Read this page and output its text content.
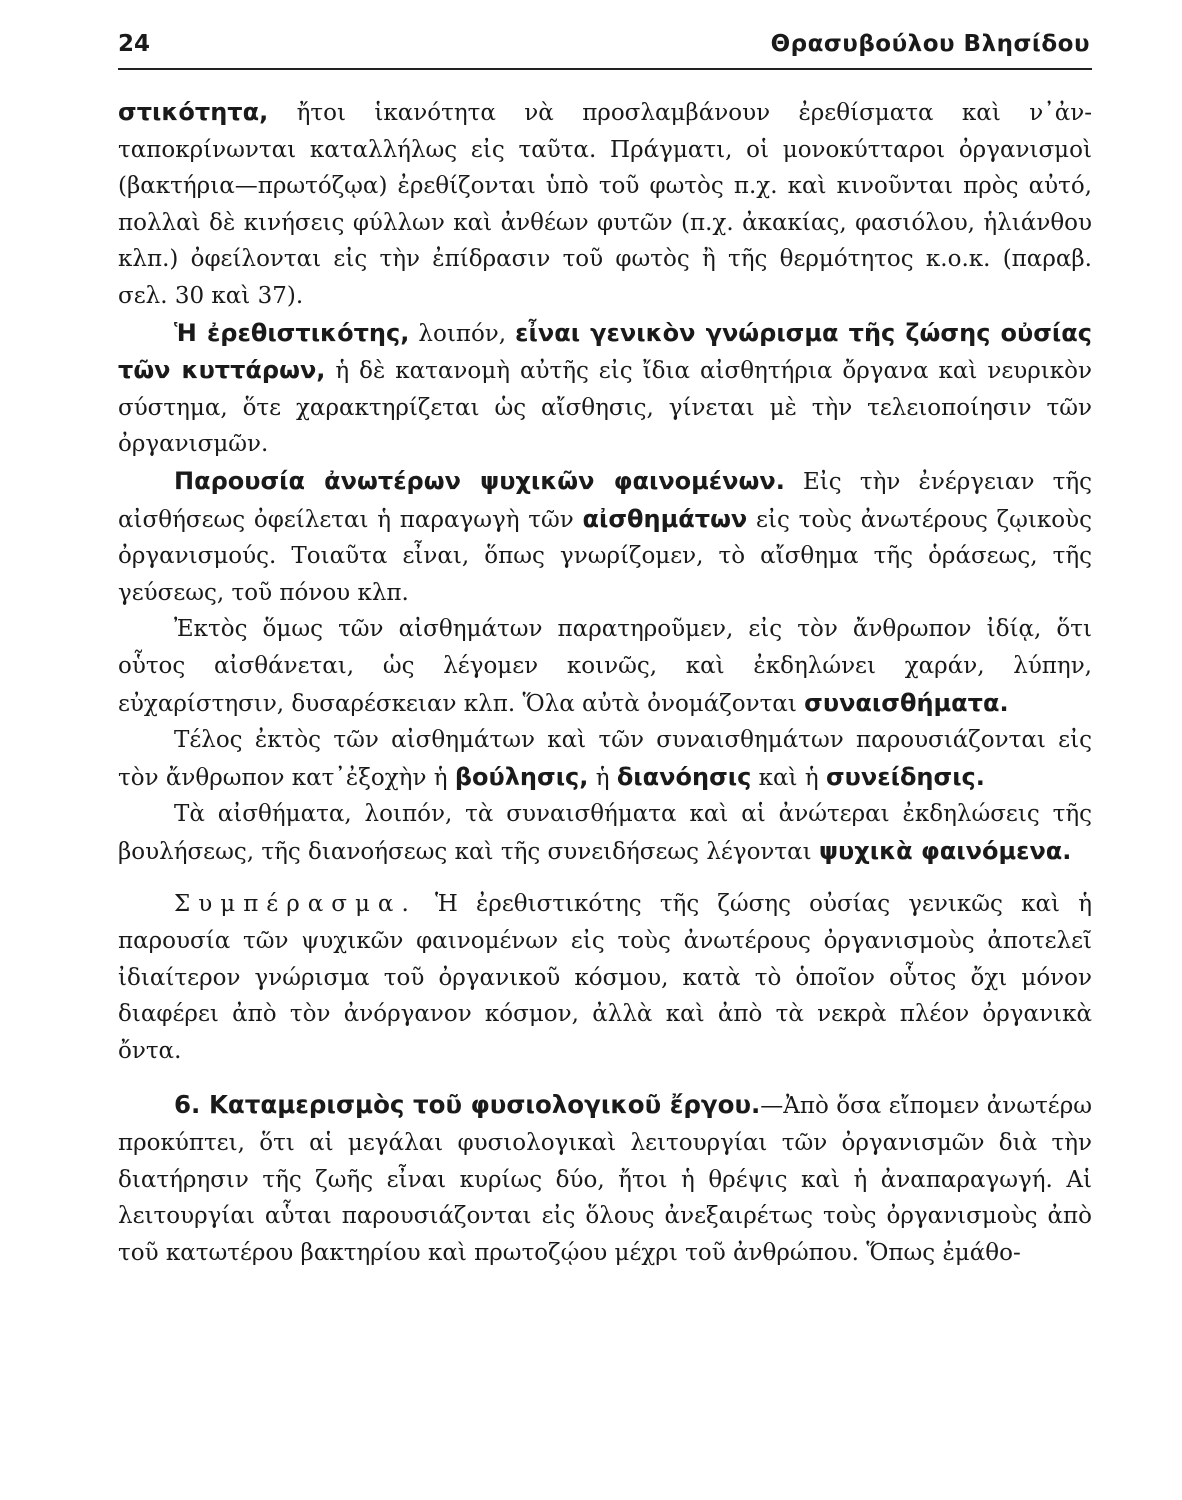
24	Θρασυβούλου Βλησίδου

στικότητα, ἤτοι ἱκανότητα νὰ προσλαμβάνουν ἐρεθίσματα καὶ ν᾽ἀνταποκρίνωνται καταλλήλως εἰς ταῦτα. Πράγματι, οἱ μονοκύτταροι ὀργανισμοὶ (βακτήρια—πρωτόζῳα) ἐρεθίζονται ὑπὸ τοῦ φωτὸς π.χ. καὶ κινοῦνται πρὸς αὐτό, πολλαὶ δὲ κινήσεις φύλλων καὶ ἀνθέων φυτῶν (π.χ. ἀκακίας, φασιόλου, ἡλιάνθου κλπ.) ὀφείλονται εἰς τὴν ἐπίδρασιν τοῦ φωτὸς ἢ τῆς θερμότητος κ.ο.κ. (παραβ. σελ. 30 καὶ 37).

Ἡ ἐρεθιστικότης, λοιπόν, εἶναι γενικὸν γνώρισμα τῆς ζώσης οὐσίας τῶν κυττάρων, ἡ δὲ κατανομὴ αὐτῆς εἰς ἴδια αἰσθητήρια ὄργανα καὶ νευρικὸν σύστημα, ὅτε χαρακτηρίζεται ὡς αἴσθησις, γίνεται μὲ τὴν τελειοποίησιν τῶν ὀργανισμῶν.

Παρουσία ἀνωτέρων ψυχικῶν φαινομένων. Εἰς τὴν ἐνέργειαν τῆς αἰσθήσεως ὀφείλεται ἡ παραγωγὴ τῶν αἰσθημάτων εἰς τοὺς ἀνωτέρους ζῳικοὺς ὀργανισμούς. Τοιαῦτα εἶναι, ὅπως γνωρίζομεν, τὸ αἴσθημα τῆς ὁράσεως, τῆς γεύσεως, τοῦ πόνου κλπ.

Ἐκτὸς ὅμως τῶν αἰσθημάτων παρατηροῦμεν, εἰς τὸν ἄνθρωπον ἰδίᾳ, ὅτι οὗτος αἰσθάνεται, ὡς λέγομεν κοινῶς, καὶ ἐκδηλώνει χαράν, λύπην, εὐχαρίστησιν, δυσαρέσκειαν κλπ. Ὅλα αὐτὰ ὀνομάζονται συναισθήματα.

Τέλος ἐκτὸς τῶν αἰσθημάτων καὶ τῶν συναισθημάτων παρουσιάζονται εἰς τὸν ἄνθρωπον κατ᾽ἐξοχὴν ἡ βούλησις, ἡ διανόησις καὶ ἡ συνείδησις.

Τὰ αἰσθήματα, λοιπόν, τὰ συναισθήματα καὶ αἱ ἀνώτεραι ἐκδηλώσεις τῆς βουλήσεως, τῆς διανοήσεως καὶ τῆς συνειδήσεως λέγονται ψυχικὰ φαινόμενα.

Συμπέρασμα. Ἡ ἐρεθιστικότης τῆς ζώσης οὐσίας γενικῶς καὶ ἡ παρουσία τῶν ψυχικῶν φαινομένων εἰς τοὺς ἀνωτέρους ὀργανισμοὺς ἀποτελεῖ ἰδιαίτερον γνώρισμα τοῦ ὀργανικοῦ κόσμου, κατὰ τὸ ὁποῖον οὗτος ὄχι μόνον διαφέρει ἀπὸ τὸν ἀνόργανον κόσμον, ἀλλὰ καὶ ἀπὸ τὰ νεκρὰ πλέον ὀργανικὰ ὄντα.

6. Καταμερισμὸς τοῦ φυσιολογικοῦ ἔργου.—Ἀπὸ ὅσα εἴπομεν ἀνωτέρω προκύπτει, ὅτι αἱ μεγάλαι φυσιολογικαὶ λειτουργίαι τῶν ὀργανισμῶν διὰ τὴν διατήρησιν τῆς ζωῆς εἶναι κυρίως δύο, ἤτοι ἡ θρέψις καὶ ἡ ἀναπαραγωγή. Αἱ λειτουργίαι αὗται παρουσιάζονται εἰς ὅλους ἀνεξαιρέτως τοὺς ὀργανισμοὺς ἀπὸ τοῦ κατωτέρου βακτηρίου καὶ πρωτοζῴου μέχρι τοῦ ἀνθρώπου. Ὅπως ἐμάθο-
